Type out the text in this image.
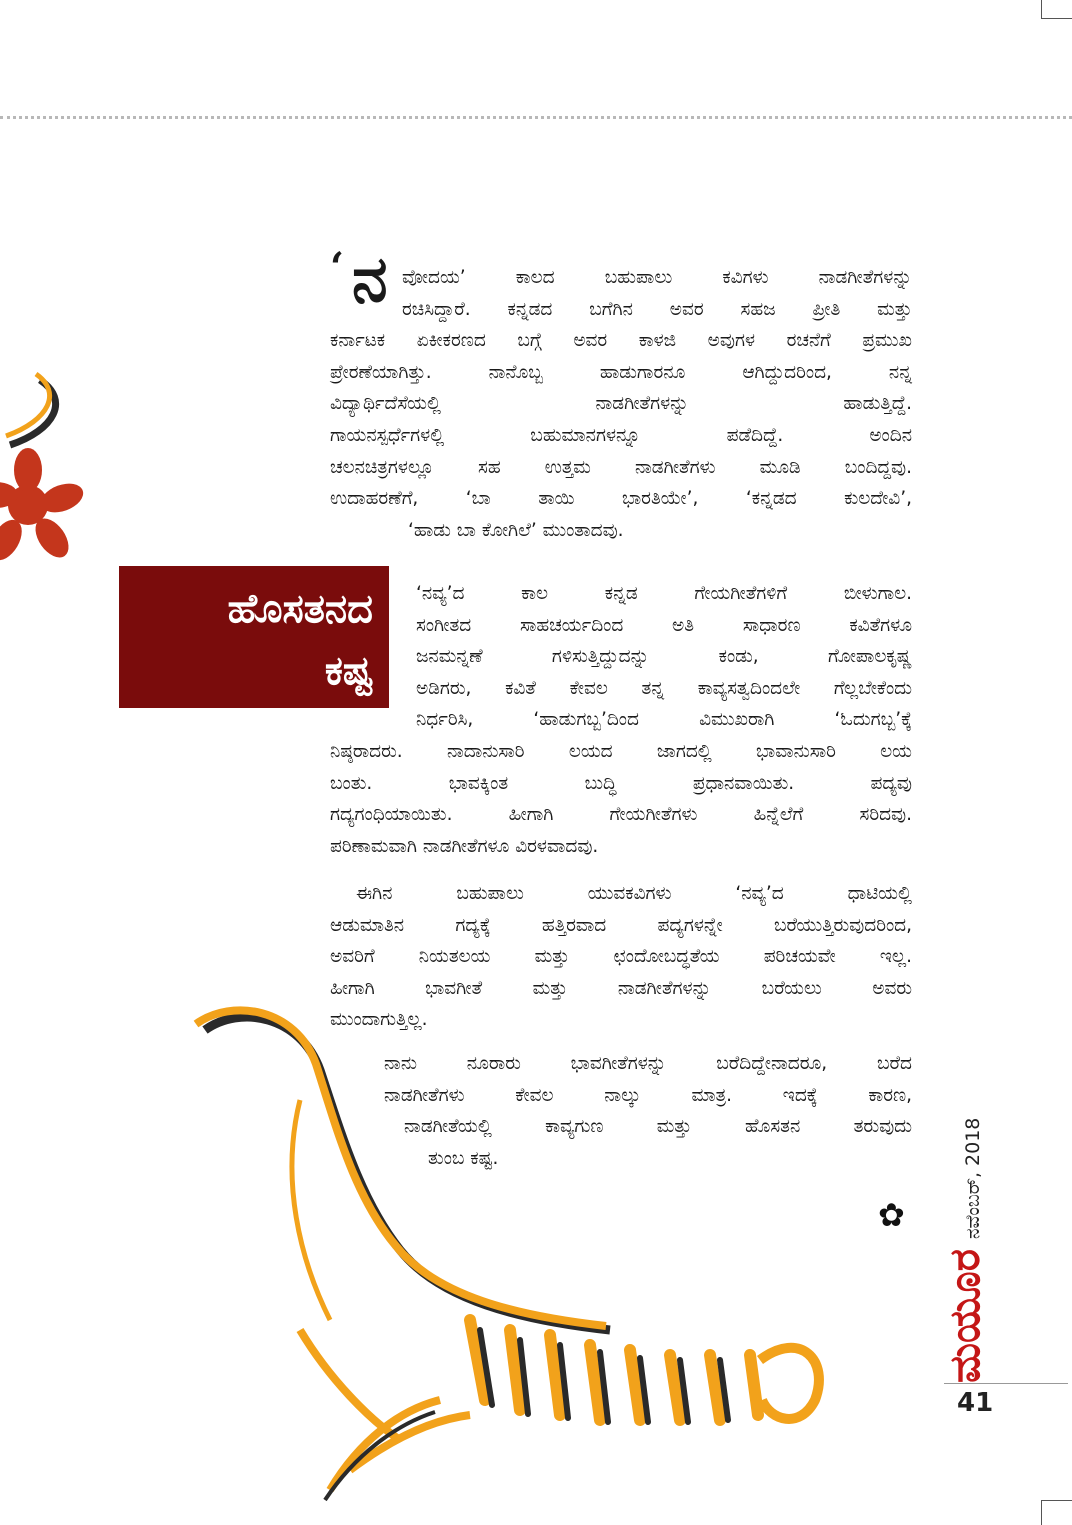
‘ ನ ವೋದಯ’ ಕಾಲದ ಬಹುಪಾಲು ಕವಿಗಳು ನಾಡಗೀತೆಗಳನ್ನು
ರಚಿಸಿದ್ದಾರೆ. ಕನ್ನಡದ ಬಗೆಗಿನ ಅವರ ಸಹಜ ಪ್ರೀತಿ ಮತ್ತು
ಕರ್ನಾಟಕ ಏಕೀಕರಣದ ಬಗ್ಗೆ ಅವರ ಕಾಳಜಿ ಅವುಗಳ ರಚನೆಗೆ ಪ್ರಮುಖ
ಪ್ರೇರಣೆಯಾಗಿತ್ತು. ನಾನೊಬ್ಬ ಹಾಡುಗಾರನೂ ಆಗಿದ್ದುದರಿಂದ, ನನ್ನ
ವಿದ್ಯಾರ್ಥಿದೆಸೆಯಲ್ಲಿ ನಾಡಗೀತೆಗಳನ್ನು ಹಾಡುತ್ತಿದ್ದೆ.
ಗಾಯನಸ್ಪರ್ಧೆಗಳಲ್ಲಿ ಬಹುಮಾನಗಳನ್ನೂ ಪಡೆದಿದ್ದೆ. ಅಂದಿನ
ಚಲನಚಿತ್ರಗಳಲ್ಲೂ ಸಹ ಉತ್ತಮ ನಾಡಗೀತೆಗಳು ಮೂಡಿ ಬಂದಿದ್ದವು.
ಉದಾಹರಣೆಗೆ, ‘ಬಾ ತಾಯಿ ಭಾರತಿಯೇ’, ‘ಕನ್ನಡದ ಕುಲದೇವಿ’,
‘ಹಾಡು ಬಾ ಕೋಗಿಲೆ’ ಮುಂತಾದವು.
ಹೊಸತನದ
ಕಷ್ಟ
‘ನವ್ಯ’ದ ಕಾಲ ಕನ್ನಡ ಗೇಯಗೀತೆಗಳಿಗೆ ಬೀಳುಗಾಲ.
ಸಂಗೀತದ ಸಾಹಚರ್ಯದಿಂದ ಅತಿ ಸಾಧಾರಣ ಕವಿತೆಗಳೂ
ಜನಮನ್ನಣೆ ಗಳಿಸುತ್ತಿದ್ದುದನ್ನು ಕಂಡು, ಗೋಪಾಲಕೃಷ್ಣ
ಅಡಿಗರು, ಕವಿತೆ ಕೇವಲ ತನ್ನ ಕಾವ್ಯಸತ್ವದಿಂದಲೇ ಗೆಲ್ಲಬೇಕೆಂದು
ನಿರ್ಧರಿಸಿ, ‘ಹಾಡುಗಬ್ಬ’ದಿಂದ ವಿಮುಖರಾಗಿ ‘ಓದುಗಬ್ಬ’ಕ್ಕೆ
ನಿಷ್ಠರಾದರು. ನಾದಾನುಸಾರಿ ಲಯದ ಜಾಗದಲ್ಲಿ ಭಾವಾನುಸಾರಿ ಲಯ
ಬಂತು. ಭಾವಕ್ಕಿಂತ ಬುದ್ಧಿ ಪ್ರಧಾನವಾಯಿತು. ಪದ್ಯವು
ಗದ್ಯಗಂಧಿಯಾಯಿತು. ಹೀಗಾಗಿ ಗೇಯಗೀತೆಗಳು ಹಿನ್ನೆಲೆಗೆ ಸರಿದವು.
ಪರಿಣಾಮವಾಗಿ ನಾಡಗೀತೆಗಳೂ ವಿರಳವಾದವು.
ಈಗಿನ ಬಹುಪಾಲು ಯುವಕವಿಗಳು ‘ನವ್ಯ’ದ ಧಾಟಿಯಲ್ಲಿ
ಆಡುಮಾತಿನ ಗದ್ಯಕ್ಕೆ ಹತ್ತಿರವಾದ ಪದ್ಯಗಳನ್ನೇ ಬರೆಯುತ್ತಿರುವುದರಿಂದ,
ಅವರಿಗೆ ನಿಯತಲಯ ಮತ್ತು ಛಂದೋಬದ್ಧತೆಯ ಪರಿಚಯವೇ ಇಲ್ಲ.
ಹೀಗಾಗಿ ಭಾವಗೀತೆ ಮತ್ತು ನಾಡಗೀತೆಗಳನ್ನು ಬರೆಯಲು ಅವರು
ಮುಂದಾಗುತ್ತಿಲ್ಲ.
ನಾನು ನೂರಾರು ಭಾವಗೀತೆಗಳನ್ನು ಬರೆದಿದ್ದೇನಾದರೂ, ಬರೆದ
ನಾಡಗೀತೆಗಳು ಕೇವಲ ನಾಲ್ಕು ಮಾತ್ರ. ಇದಕ್ಕೆ ಕಾರಣ,
ನಾಡಗೀತೆಯಲ್ಲಿ ಕಾವ್ಯಗುಣ ಮತ್ತು ಹೊಸತನ ತರುವುದು
ತುಂಬ ಕಷ್ಟ.
✿
ಮಯೂರ
ನವೆಂಬರ್, 2018
41
